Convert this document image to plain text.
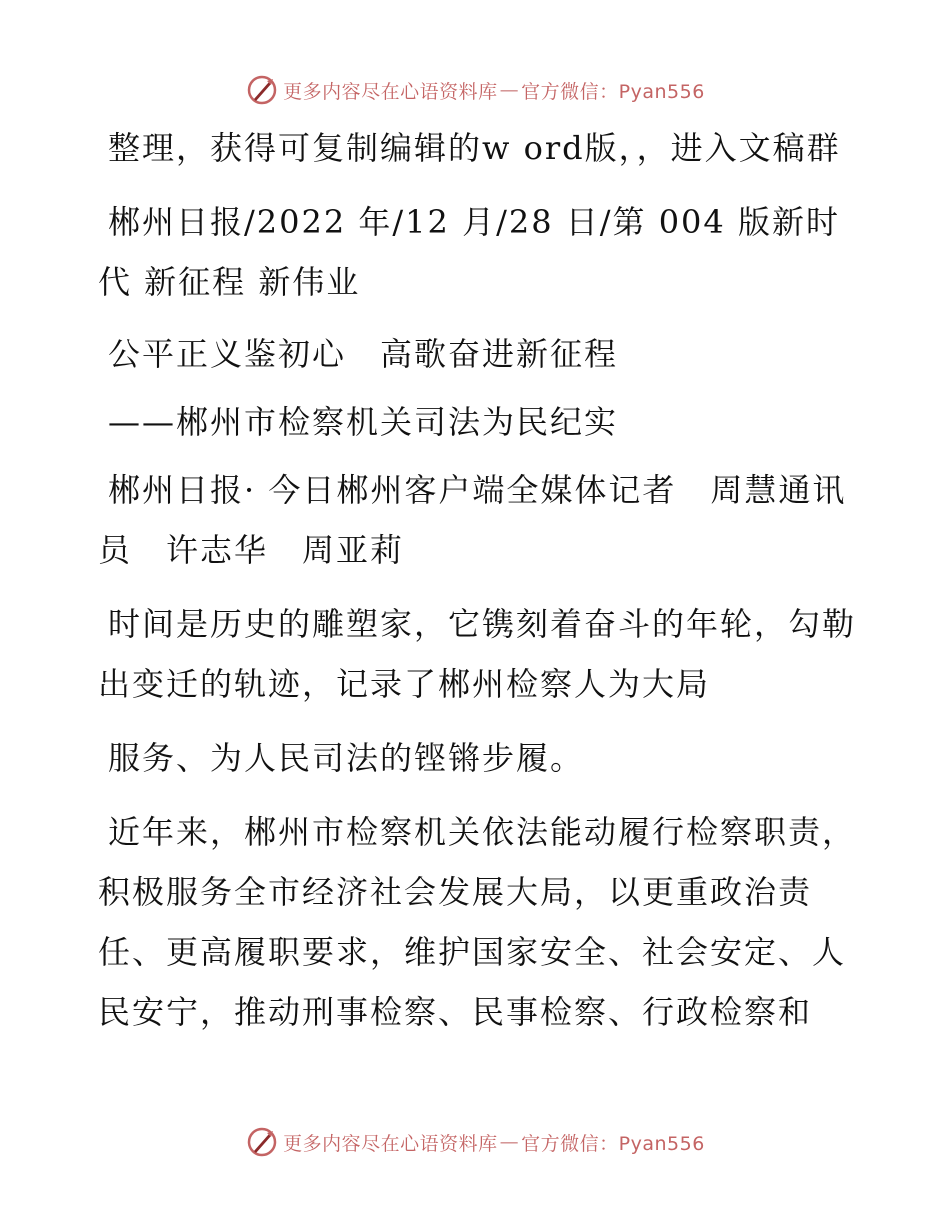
更多内容尽在心语资料库 — 官方微信：Pyan556

整理，获得可复制编辑的w ord版，，进入文稿群

郴州日报/2022 年/12 月/28 日/第 004 版新时代 新征程 新伟业

公平正义鉴初心　高歌奋进新征程

——郴州市检察机关司法为民纪实

郴州日报· 今日郴州客户端全媒体记者　周慧通讯员　许志华　周亚莉

时间是历史的雕塑家，它镌刻着奋斗的年轮，勾勒出变迁的轨迹，记录了郴州检察人为大局

服务、为人民司法的铿锵步履。

近年来，郴州市检察机关依法能动履行检察职责，积极服务全市经济社会发展大局，以更重政治责任、更高履职要求，维护国家安全、社会安定、人民安宁，推动刑事检察、民事检察、行政检察和

更多内容尽在心语资料库 — 官方微信：Pyan556
